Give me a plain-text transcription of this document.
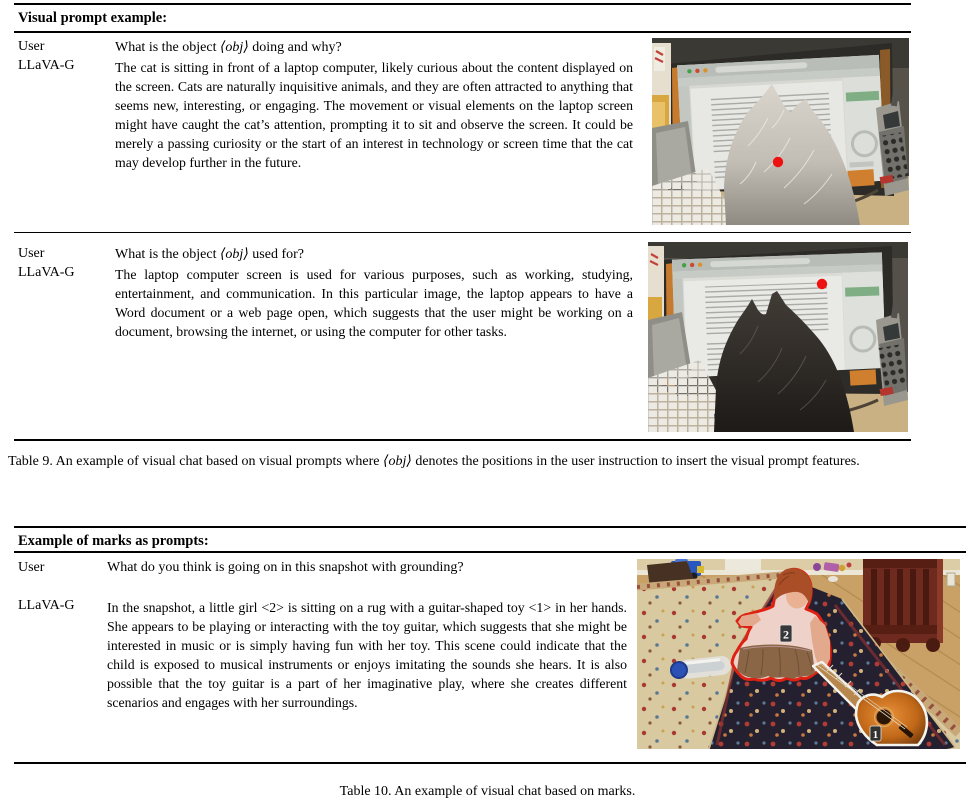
Visual prompt example:
User	What is the object ⟨obj⟩ doing and why?
LLaVA-G	The cat is sitting in front of a laptop computer, likely curious about the content displayed on the screen. Cats are naturally inquisitive animals, and they are often attracted to anything that seems new, interesting, or engaging. The movement or visual elements on the laptop screen might have caught the cat’s attention, prompting it to sit and observe the screen. It could be merely a passing curiosity or the start of an interest in technology or screen time that the cat may develop further in the future.

User	What is the object ⟨obj⟩ used for?
LLaVA-G	The laptop computer screen is used for various purposes, such as working, studying, entertainment, and communication. In this particular image, the laptop appears to have a Word document or a web page open, which suggests that the user might be working on a document, browsing the internet, or using the computer for other tasks.

Table 9. An example of visual chat based on visual prompts where ⟨obj⟩ denotes the positions in the user instruction to insert the visual prompt features.
Example of marks as prompts:
User	What do you think is going on in this snapshot with grounding?
LLaVA-G In the snapshot, a little girl <2> is sitting on a rug with a guitar-shaped toy <1> in her hands. She appears to be playing or interacting with the toy guitar, which suggests that she might be interested in music or is simply having fun with her toy. This scene could indicate that the child is exposed to musical instruments or enjoys imitating the sounds she hears. It is also possible that the toy guitar is a part of her imaginative play, where she creates different scenarios and engages with her surroundings.

2
1
Table 10. An example of visual chat based on marks.
